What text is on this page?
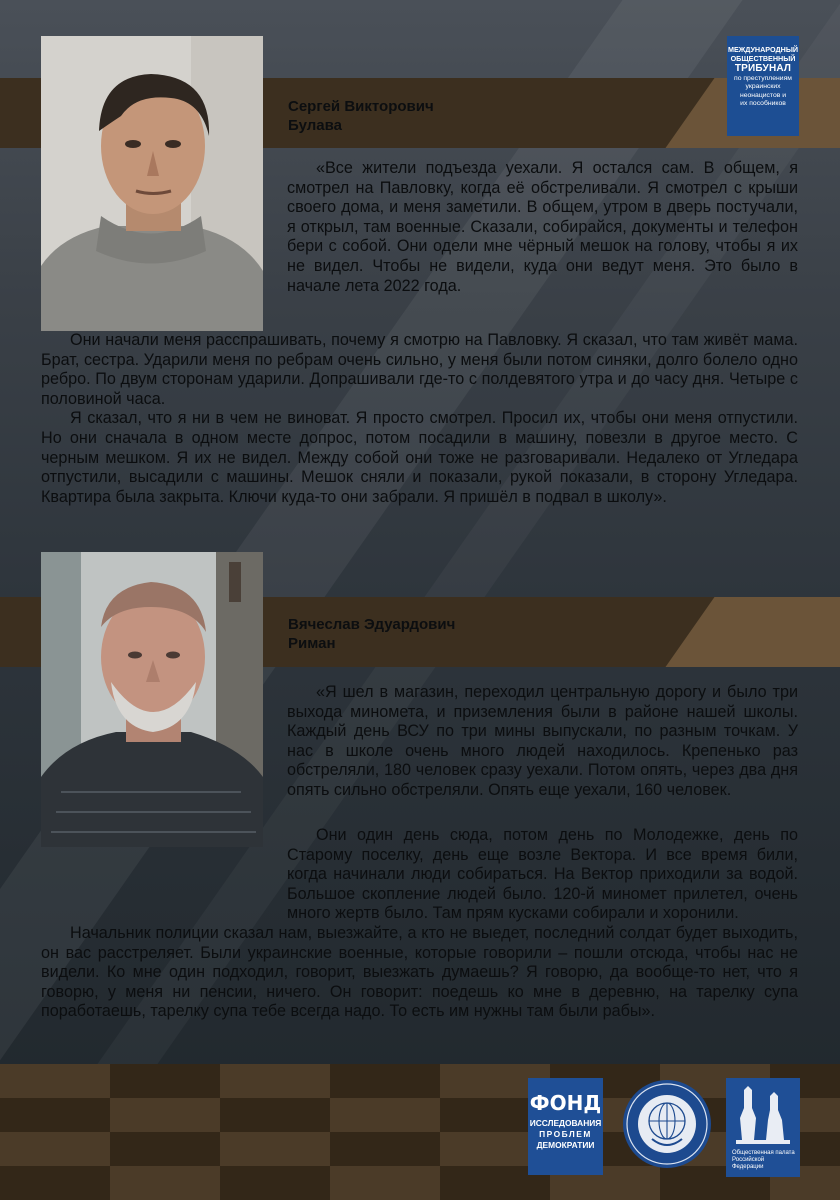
МЕЖДУНАРОДНЫЙ
ОБЩЕСТВЕННЫЙ
ТРИБУНАЛ
по преступлениям
украинских
неонацистов и
их пособников
Сергей Викторович
Булава

«Все жители подъезда уехали. Я остался сам. В общем, я смотрел на Павловку, когда её обстреливали. Я смотрел с крыши своего дома, и меня заметили. В общем, утром в дверь постучали, я открыл, там военные. Сказали, собирайся, документы и телефон бери с собой. Они одели мне чёрный мешок на голову, чтобы я их не видел. Чтобы не видели, куда они ведут меня. Это было в начале лета 2022 года.

Они начали меня расспрашивать, почему я смотрю на Павловку. Я сказал, что там живёт мама. Брат, сестра. Ударили меня по ребрам очень сильно, у меня были потом синяки, долго болело одно ребро. По двум сторонам ударили. Допрашивали где-то с полдевятого утра и до часу дня. Четыре с половиной часа.

Я сказал, что я ни в чем не виноват. Я просто смотрел. Просил их, чтобы они меня отпустили. Но они сначала в одном месте допрос, потом посадили в машину, повезли в другое место. С черным мешком. Я их не видел. Между собой они тоже не разговаривали. Недалеко от Угледара отпустили, высадили с машины. Мешок сняли и показали, рукой показали, в сторону Угледара. Квартира была закрыта. Ключи куда-то они забрали. Я пришёл в подвал в школу».

Вячеслав Эдуардович
Риман

«Я шел в магазин, переходил центральную дорогу и было три выхода миномета, и приземления были в районе нашей школы. Каждый день ВСУ по три мины выпускали, по разным точкам. У нас в школе очень много людей находилось. Крепенько раз обстреляли, 180 человек сразу уехали. Потом опять, через два дня опять сильно обстреляли. Опять еще уехали, 160 человек.

Они один день сюда, потом день по Молодежке, день по Старому поселку, день еще возле Вектора. И все время били, когда начинали люди собираться. На Вектор приходили за водой. Большое скопление людей было. 120-й миномет прилетел, очень много жертв было. Там прям кусками собирали и хоронили.

Начальник полиции сказал нам, выезжайте, а кто не выедет, последний солдат будет выходить, он вас расстреляет. Были украинские военные, которые говорили – пошли отсюда, чтобы нас не видели. Ко мне один подходил, говорит, выезжать думаешь? Я говорю, да вообще-то нет, что я говорю, у меня ни пенсии, ничего. Он говорит: поедешь ко мне в деревню, на тарелку супа поработаешь, тарелку супа тебе всегда надо. То есть им нужны там были рабы».

ФОНД
ИССЛЕДОВАНИЯ
ПРОБЛЕМ
ДЕМОКРАТИИ
Общественная палата Российской Федерации
